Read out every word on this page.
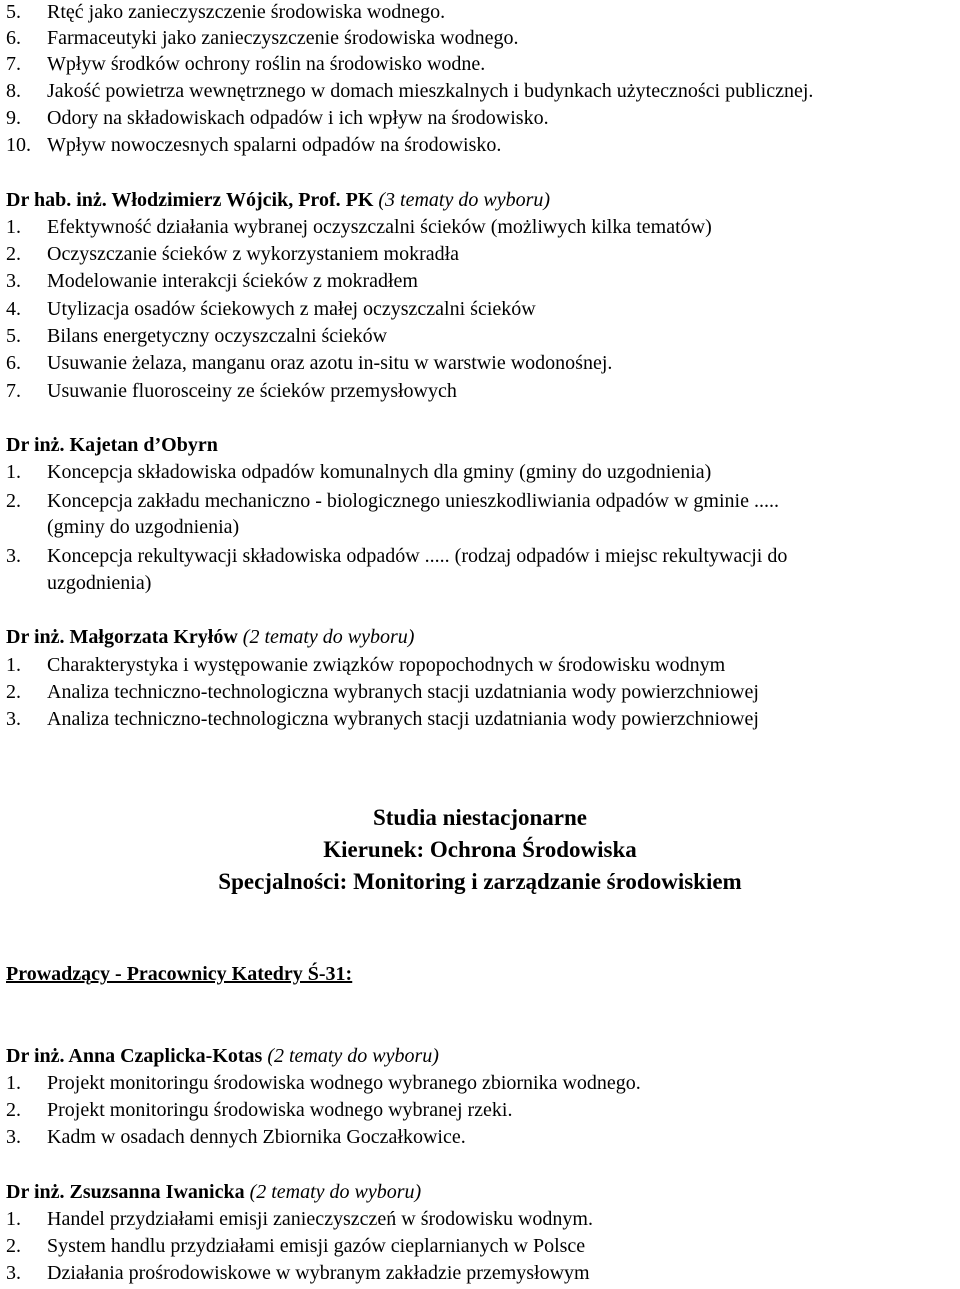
5.	Rtęć jako zanieczyszczenie środowiska wodnego.
6.	Farmaceutyki jako zanieczyszczenie środowiska wodnego.
7.	Wpływ środków ochrony roślin na środowisko wodne.
8.	Jakość powietrza wewnętrznego w domach mieszkalnych i budynkach użyteczności publicznej.
9.	Odory na składowiskach odpadów i ich wpływ na środowisko.
10. Wpływ nowoczesnych spalarni odpadów na środowisko.
Dr hab. inż. Włodzimierz Wójcik, Prof. PK (3 tematy do wyboru)
1.	Efektywność działania wybranej oczyszczalni ścieków (możliwych kilka tematów)
2.	Oczyszczanie ścieków z wykorzystaniem mokradła
3.	Modelowanie interakcji ścieków z mokradłem
4.	Utylizacja osadów ściekowych z małej oczyszczalni ścieków
5.	Bilans energetyczny oczyszczalni ścieków
6.	Usuwanie żelaza, manganu oraz azotu in-situ w warstwie wodonośnej.
7.	Usuwanie fluorosceiny ze ścieków przemysłowych
Dr inż. Kajetan d’Obyrn
1.	Koncepcja składowiska odpadów komunalnych dla gminy (gminy do uzgodnienia)
2.	Koncepcja zakładu mechaniczno - biologicznego unieszkodliwiania odpadów w gminie .....
(gminy do uzgodnienia)
3.	Koncepcja rekultywacji składowiska odpadów ..... (rodzaj odpadów i miejsc rekultywacji do
uzgodnienia)
Dr inż. Małgorzata Kryłów (2 tematy do wyboru)
1.	Charakterystyka i występowanie związków ropopochodnych w środowisku wodnym
2.	Analiza techniczno-technologiczna wybranych stacji uzdatniania wody powierzchniowej
3.	Analiza techniczno-technologiczna wybranych stacji uzdatniania wody powierzchniowej
Studia niestacjonarne
Kierunek: Ochrona Środowiska
Specjalności: Monitoring i zarządzanie środowiskiem
Prowadzący - Pracownicy Katedry Ś-31:
Dr inż. Anna Czaplicka-Kotas (2 tematy do wyboru)
1.	Projekt monitoringu środowiska wodnego wybranego zbiornika wodnego.
2.	Projekt monitoringu środowiska wodnego wybranej rzeki.
3.	Kadm w osadach dennych Zbiornika Goczałkowice.
Dr inż. Zsuzsanna Iwanicka (2 tematy do wyboru)
1.	Handel przydziałami emisji zanieczyszczeń w środowisku wodnym.
2.	System handlu przydziałami emisji gazów cieplarnianych w Polsce
3.	Działania prośrodowiskowe w wybranym zakładzie przemysłowym
